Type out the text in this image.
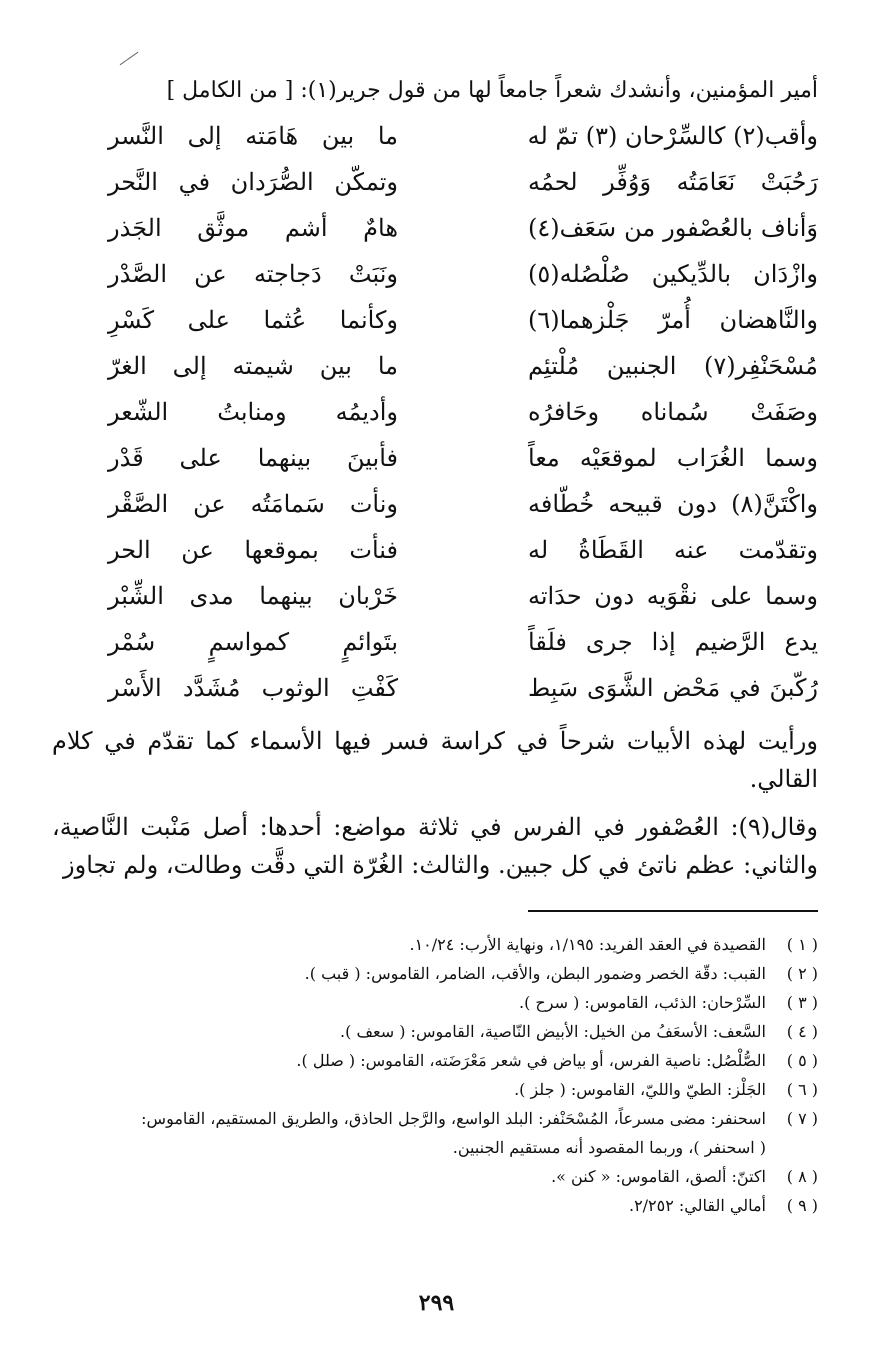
أمير المؤمنين، وأنشدك شعراً جامعاً لها من قول جرير(١): [ من الكامل ]
وأقب(٢) كالسِّرْحان (٣) تمّ له
ما بين هَامَته إلى النَّسر
رَحُبَتْ نَعَامَتُه وَوُفِّر لحمُه
وتمكّن الصُّرَدان في النَّحر
وَأناف بالعُصْفور من سَعَف(٤)
هامٌ أشم موثَّق الجَذر
وازْدَان بالدِّيكين صُلْصُله(٥)
ونَبَتْ دَجاجته عن الصَّدْر
والنَّاهضان أُمرّ جَلْزهما(٦)
وكأنما عُثما على كَسْرِ
مُسْحَنْفِر(٧) الجنبين مُلْتئِم
ما بين شيمته إلى الغرّ
وصَفَتْ سُماناه وحَافرُه
وأديمُه ومنابتُ الشّعر
وسما الغُرَاب لموقعَيْه معاً
فأبينَ بينهما على قَدْر
واكْتَنَّ(٨) دون قبيحه خُطّافه
ونأت سَمامَتُه عن الصَّقْر
وتقدّمت عنه القَطَاةُ له
فنأت بموقعها عن الحر
وسما على نقْوَيه دون حدَاته
خَرْبان بينهما مدى الشِّبْر
يدع الرَّضيم إذا جرى فلَقاً
بتَوائمٍ كمواسمٍ سُمْر
رُكّبنَ في مَحْض الشَّوَى سَبِط
كَفْتِ الوثوب مُشَدَّد الأَسْر
ورأيت لهذه الأبيات شرحاً في كراسة فسر فيها الأسماء كما تقدّم في كلام القالي.
وقال(٩): العُصْفور في الفرس في ثلاثة مواضع: أحدها: أصل مَنْبت النَّاصية، والثاني: عظم ناتئ في كل جبين. والثالث: الغُرّة التي دقَّت وطالت، ولم تجاوز
( ١ )
القصيدة في العقد الفريد: ١/١٩٥، ونهاية الأرب: ١٠/٢٤.
( ٢ )
القبب: دقّة الخصر وضمور البطن، والأقب، الضامر، القاموس: ( قبب ).
( ٣ )
السِّرْحان: الذئب، القاموس: ( سرح ).
( ٤ )
السَّعف: الأسعَفُ من الخيل: الأبيض النّاصية، القاموس: ( سعف ).
( ٥ )
الصُّلْصُل: ناصية الفرس، أو بياض في شعر مَعْرَضَته، القاموس: ( صلل ).
( ٦ )
الجَلْز: الطيّ والليّ، القاموس: ( جلز ).
( ٧ )
اسحنفر: مضى مسرعاً، المُسْحَنْفر: البلد الواسع، والرَّجل الحاذق، والطريق المستقيم، القاموس:
( اسحنفر )، وربما المقصود أنه مستقيم الجنبين.
( ٨ )
اكتنّ: ألصق، القاموس: « كنن ».
( ٩ )
أمالي القالي: ٢/٢٥٢.
٢٩٩
